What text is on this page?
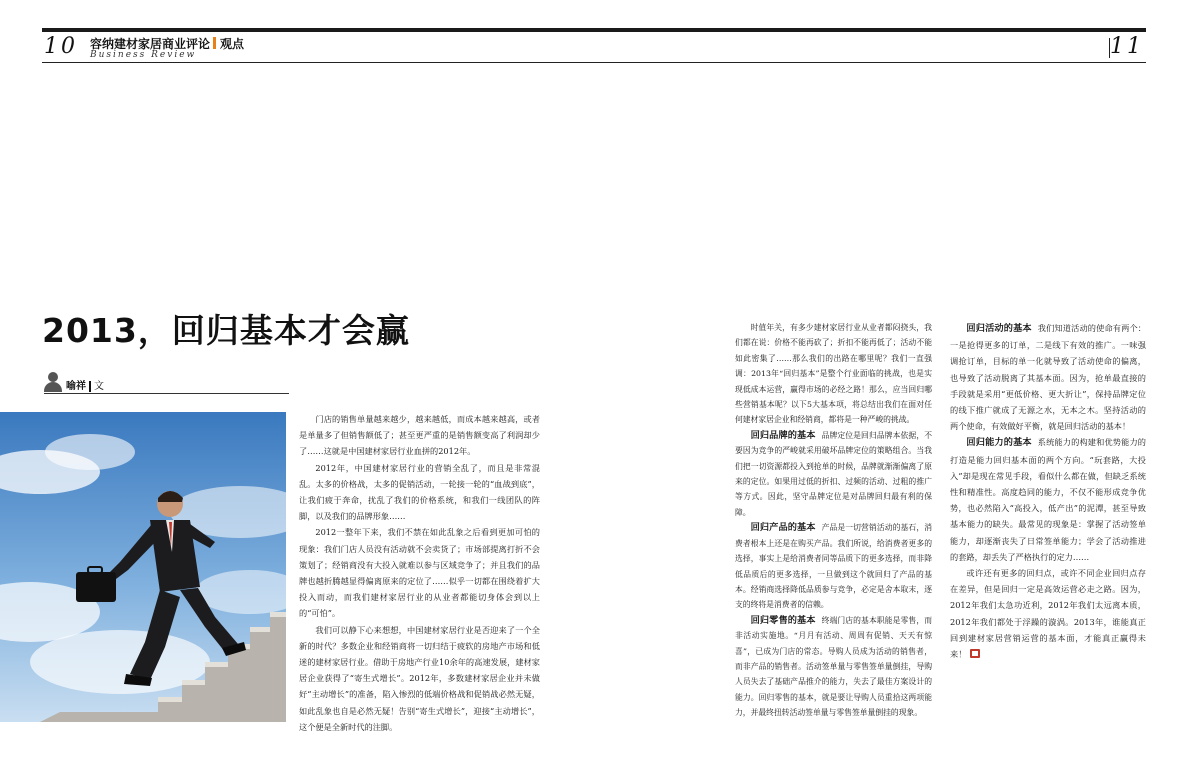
10 容纳建材家居商业评论 观点
Business Review	11
2013，回归基本才会赢
喻祥 文

门店的销售单量越来越少，越来越低，而成本越来越高，或者是单量多了但销售额低了；甚至更严重的是销售额变高了利润却少了……这就是中国建材家居行业血拼的2012年。

2012年，中国建材家居行业的营销全乱了，而且是非常混乱。太多的价格战，太多的促销活动，一轮接一轮的“血战到底”，让我们疲于奔命，扰乱了我们的价格系统，和我们一线团队的阵脚，以及我们的品牌形象……

2012一整年下来，我们不禁在如此乱象之后看到更加可怕的现象：我们门店人员没有活动就不会卖货了；市场部提离打折不会策划了；经销商没有大投入就难以参与区域竞争了；并且我们的品牌也越折腾越显得偏离原来的定位了……似乎一切都在围绕着扩大投入而动，而我们建材家居行业的从业者都能切身体会到以上的“可怕”。

我们可以静下心来想想，中国建材家居行业是否迎来了一个全新的时代？多数企业和经销商将一切归结于疲软的房地产市场和低迷的建材家居行业。借助于房地产行业10余年的高速发展，建材家居企业获得了“寄生式增长”。2012年，多数建材家居企业并未做好“主动增长”的准备，陷入惨烈的低端价格战和促销战必然无疑，如此乱象也自是必然无疑！告别“寄生式增长”，迎接“主动增长”，这个便是全新时代的注脚。

时值年关，有多少建材家居行业从业者都闷挠头，我们都在说：价格不能再砍了；折扣不能再低了；活动不能如此密集了……那么我们的出路在哪里呢？我们一直强调：2013年“回归基本”是整个行业面临的挑战，也是实现低成本运营，赢得市场的必经之路！那么，应当回归哪些营销基本呢？以下5大基本项，将总结出我们在面对任何建材家居企业和经销商，都将是一种严峻的挑战。

回归品牌的基本 品牌定位是回归品牌本依据，不要因为竞争的严峻就采用破坏品牌定位的策略组合。当我们把一切资源都投入到抢单的时候，品牌就渐渐偏离了原来的定位。如果用过低的折扣、过频的活动、过粗的推广等方式。因此，坚守品牌定位是对品牌回归最有利的保障。

回归产品的基本 产品是一切营销活动的基石，消费者根本上还是在购买产品。我们所说，给消费者更多的选择，事实上是给消费者同等品质下的更多选择，而非降低品质后的更多选择，一旦做到这个就回归了产品的基本。经销商选择降低品质参与竞争，必定是舍本取末，逐支的终将是消费者的信赖。

回归零售的基本 终端门店的基本职能是零售，而非活动实施地。“月月有活动、周周有促销、天天有惊喜”，已成为门店的常态。导购人员成为活动的销售者，而非产品的销售者。活动签单量与零售签单量倒挂，导购人员失去了基础产品推介的能力，失去了最佳方案设计的能力。回归零售的基本，就是要让导购人员重拾这两项能力，并最终扭转活动签单量与零售签单量倒挂的现象。

回归活动的基本 我们知道活动的使命有两个：一是抢得更多的订单，二是线下有效的推广。一味强调抢订单，目标的单一化就导致了活动使命的偏离，也导致了活动脱离了其基本面。因为，抢单最直接的手段就是采用“更低价格、更大折让”，保持品牌定位的线下推广就成了无源之水，无本之木。坚持活动的两个使命，有效做好平衡，就是回归活动的基本！

回归能力的基本 系统能力的构建和优势能力的打造是能力回归基本面的两个方向。“玩套路，大投入”却是现在常见手段，看似什么都在做，但缺乏系统性和精准性。高度趋同的能力，不仅不能形成竞争优势，也必然陷入“高投入，低产出”的泥潭，甚至导致基本能力的缺失。最常见的现象是：掌握了活动签单能力，却逐渐丧失了日常签单能力；学会了活动推进的套路，却丢失了严格执行的定力……

或许还有更多的回归点，或许不同企业回归点存在差异，但是回归一定是高效运营必走之路。因为，2012年我们太急功近利，2012年我们太远离本质，2012年我们都处于浮躁的漩涡。2013年，谁能真正回到建材家居营销运营的基本面，才能真正赢得未来！
